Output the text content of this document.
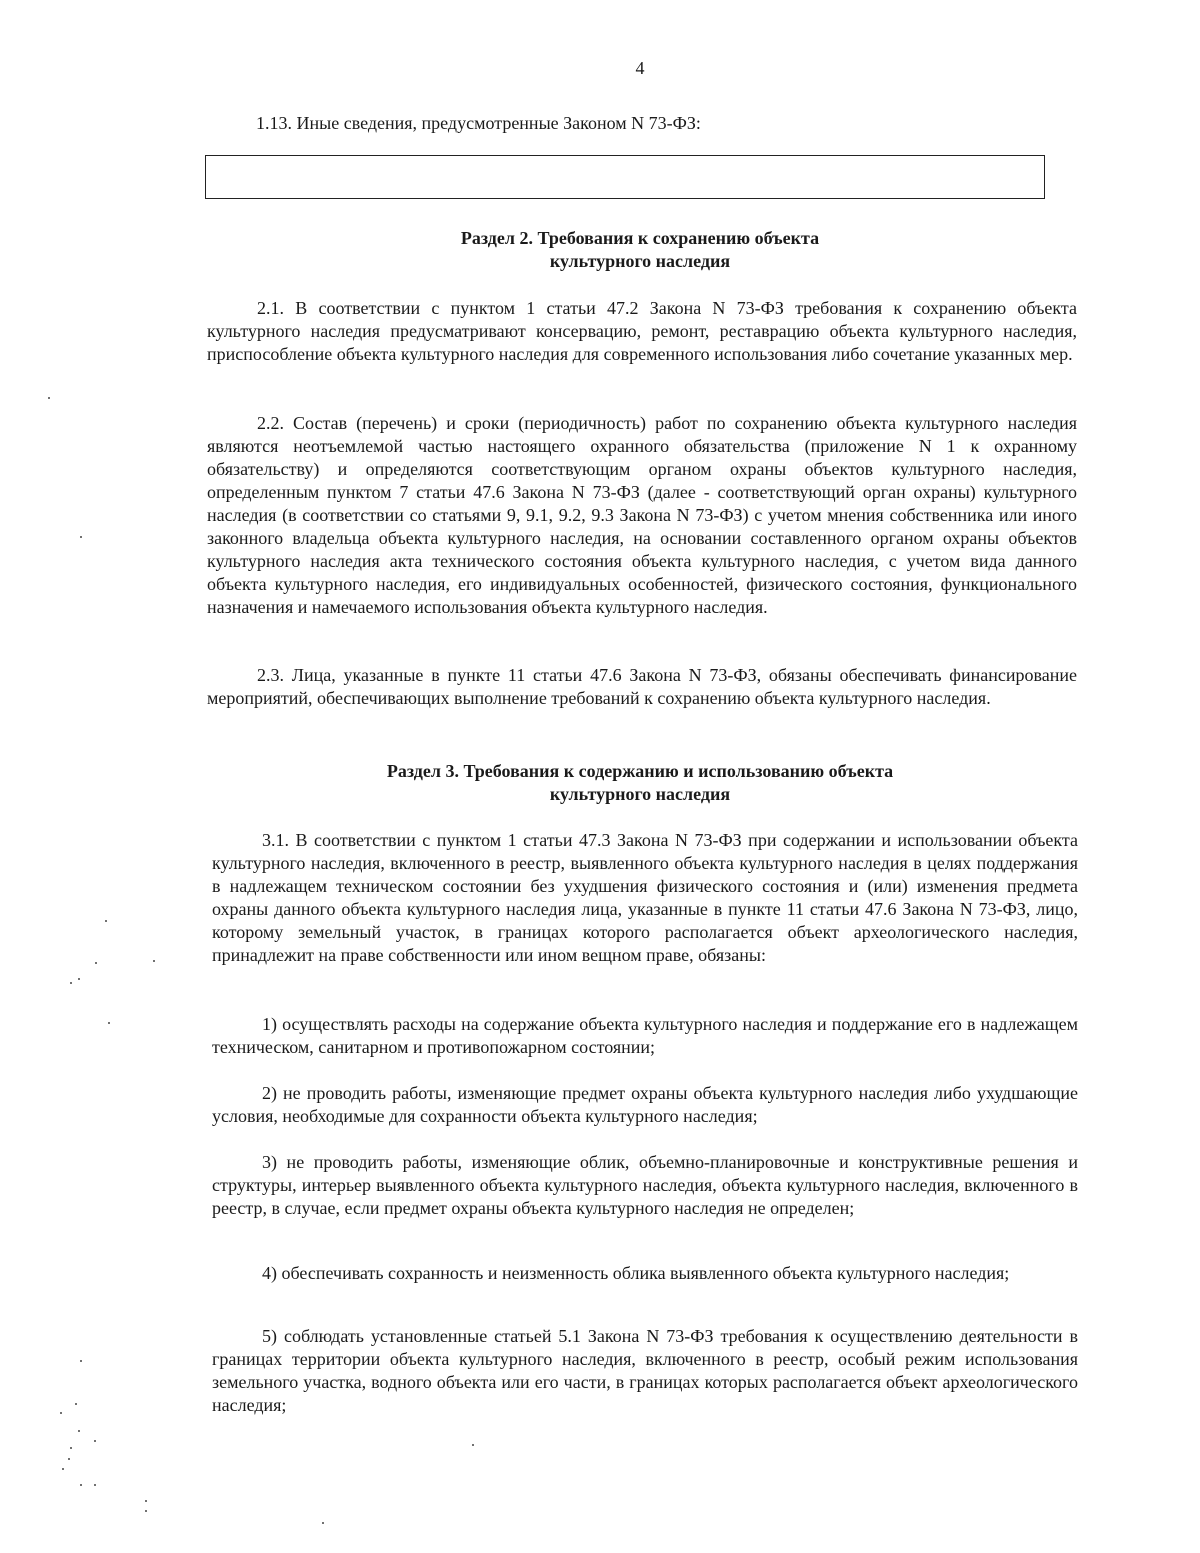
4
1.13. Иные сведения, предусмотренные Законом N 73-ФЗ:
Раздел 2. Требования к сохранению объекта
культурного наследия

2.1. В соответствии с пунктом 1 статьи 47.2 Закона N 73-ФЗ требования к сохранению объекта культурного наследия предусматривают консервацию, ремонт, реставрацию объекта культурного наследия, приспособление объекта культурного наследия для современного использования либо сочетание указанных мер.

2.2. Состав (перечень) и сроки (периодичность) работ по сохранению объекта культурного наследия являются неотъемлемой частью настоящего охранного обязательства (приложение N 1 к охранному обязательству) и определяются соответствующим органом охраны объектов культурного наследия, определенным пунктом 7 статьи 47.6 Закона N 73-ФЗ (далее - соответствующий орган охраны) культурного наследия (в соответствии со статьями 9, 9.1, 9.2, 9.3 Закона N 73-ФЗ) с учетом мнения собственника или иного законного владельца объекта культурного наследия, на основании составленного органом охраны объектов культурного наследия акта технического состояния объекта культурного наследия, с учетом вида данного объекта культурного наследия, его индивидуальных особенностей, физического состояния, функционального назначения и намечаемого использования объекта культурного наследия.

2.3. Лица, указанные в пункте 11 статьи 47.6 Закона N 73-ФЗ, обязаны обеспечивать финансирование мероприятий, обеспечивающих выполнение требований к сохранению объекта культурного наследия.

Раздел 3. Требования к содержанию и использованию объекта
культурного наследия

3.1. В соответствии с пунктом 1 статьи 47.3 Закона N 73-ФЗ при содержании и использовании объекта культурного наследия, включенного в реестр, выявленного объекта культурного наследия в целях поддержания в надлежащем техническом состоянии без ухудшения физического состояния и (или) изменения предмета охраны данного объекта культурного наследия лица, указанные в пункте 11 статьи 47.6 Закона N 73-ФЗ, лицо, которому земельный участок, в границах которого располагается объект археологического наследия, принадлежит на праве собственности или ином вещном праве, обязаны:

1) осуществлять расходы на содержание объекта культурного наследия и поддержание его в надлежащем техническом, санитарном и противопожарном состоянии;

2) не проводить работы, изменяющие предмет охраны объекта культурного наследия либо ухудшающие условия, необходимые для сохранности объекта культурного наследия;

3) не проводить работы, изменяющие облик, объемно-планировочные и конструктивные решения и структуры, интерьер выявленного объекта культурного наследия, объекта культурного наследия, включенного в реестр, в случае, если предмет охраны объекта культурного наследия не определен;

4) обеспечивать сохранность и неизменность облика выявленного объекта культурного наследия;

5) соблюдать установленные статьей 5.1 Закона N 73-ФЗ требования к осуществлению деятельности в границах территории объекта культурного наследия, включенного в реестр, особый режим использования земельного участка, водного объекта или его части, в границах которых располагается объект археологического наследия;
